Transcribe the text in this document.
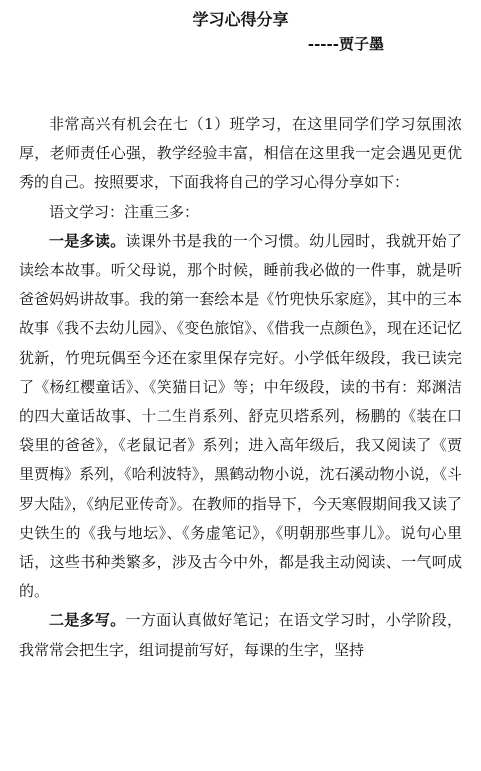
学习心得分享

-----贾子墨

非常高兴有机会在七（1）班学习，在这里同学们学习氛围浓厚，老师责任心强，教学经验丰富，相信在这里我一定会遇见更优秀的自己。按照要求，下面我将自己的学习心得分享如下：

语文学习：注重三多：

一是多读。读课外书是我的一个习惯。幼儿园时，我就开始了读绘本故事。听父母说，那个时候，睡前我必做的一件事，就是听爸爸妈妈讲故事。我的第一套绘本是《竹兜快乐家庭》，其中的三本故事《我不去幼儿园》、《变色旅馆》、《借我一点颜色》，现在还记忆犹新，竹兜玩偶至今还在家里保存完好。小学低年级段，我已读完了《杨红樱童话》、《笑猫日记》等；中年级段，读的书有：郑渊洁的四大童话故事、十二生肖系列、舒克贝塔系列，杨鹏的《装在口袋里的爸爸》，《老鼠记者》系列；进入高年级后，我又阅读了《贾里贾梅》系列，《哈利波特》，黑鹤动物小说，沈石溪动物小说，《斗罗大陆》，《纳尼亚传奇》。在教师的指导下，今天寒假期间我又读了史铁生的《我与地坛》、《务虚笔记》，《明朝那些事儿》。说句心里话，这些书种类繁多，涉及古今中外，都是我主动阅读、一气呵成的。

二是多写。一方面认真做好笔记；在语文学习时，小学阶段，我常常会把生字，组词提前写好，每课的生字，坚持
